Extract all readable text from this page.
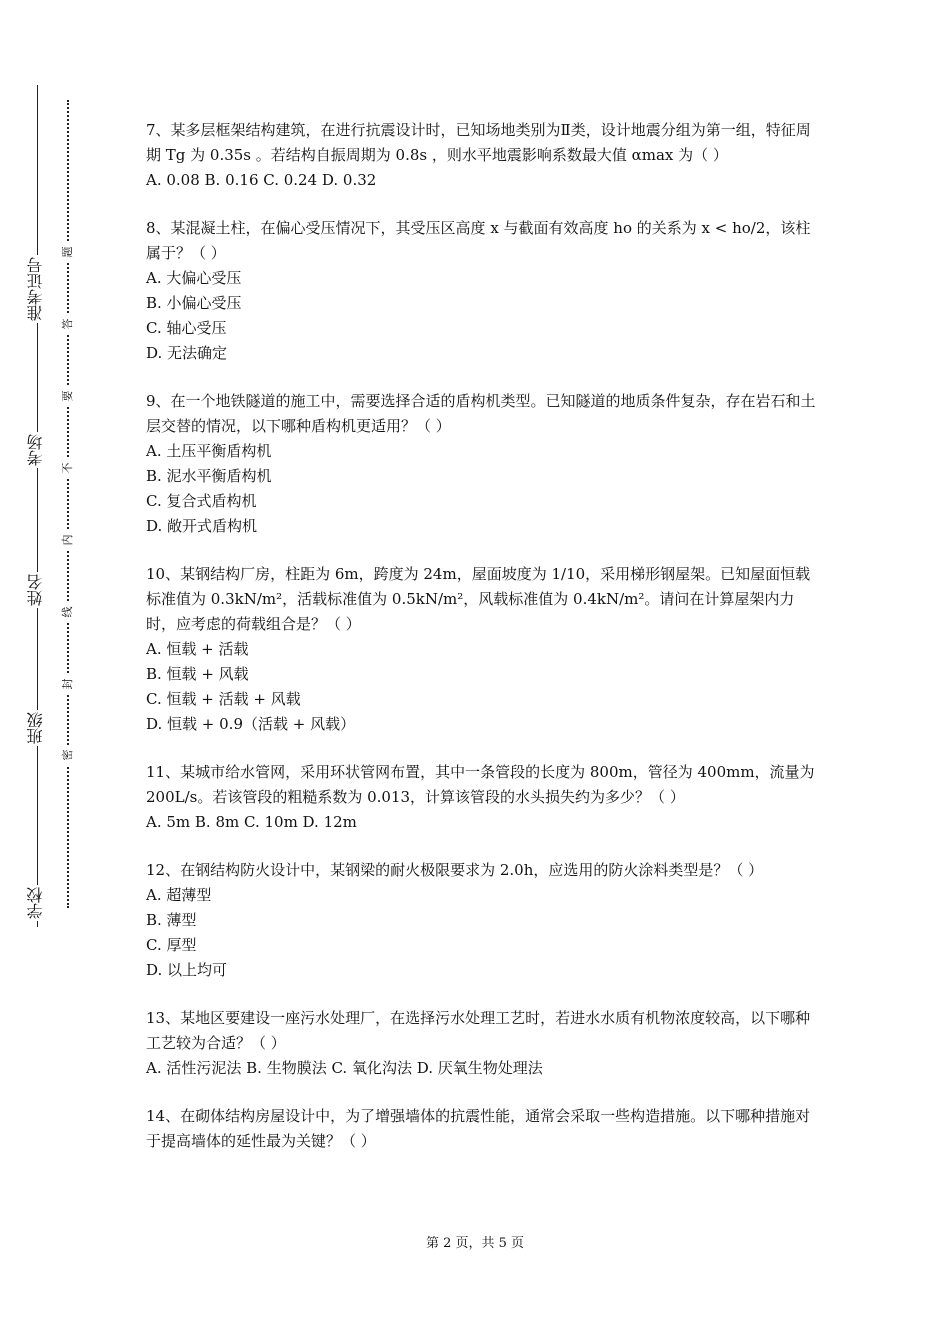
学校
班级
姓名
考场
准考证号
密
封
线
内
不
要
答
题

7、某多层框架结构建筑，在进行抗震设计时，已知场地类别为Ⅱ类，设计地震分组为第一组，特征周期 Tg 为 0.35s 。若结构自振周期为 0.8s ，则水平地震影响系数最大值 αmax 为（ ）

A. 0.08 B. 0.16 C. 0.24 D. 0.32

8、某混凝土柱，在偏心受压情况下，其受压区高度 x 与截面有效高度 ho 的关系为 x < ho/2，该柱属于？（ ）

A. 大偏心受压

B. 小偏心受压

C. 轴心受压

D. 无法确定

9、在一个地铁隧道的施工中，需要选择合适的盾构机类型。已知隧道的地质条件复杂，存在岩石和土层交替的情况，以下哪种盾构机更适用？（ ）

A. 土压平衡盾构机

B. 泥水平衡盾构机

C. 复合式盾构机

D. 敞开式盾构机

10、某钢结构厂房，柱距为 6m，跨度为 24m，屋面坡度为 1/10，采用梯形钢屋架。已知屋面恒载标准值为 0.3kN/m²，活载标准值为 0.5kN/m²，风载标准值为 0.4kN/m²。请问在计算屋架内力时，应考虑的荷载组合是？（ ）

A. 恒载 + 活载

B. 恒载 + 风载

C. 恒载 + 活载 + 风载

D. 恒载 + 0.9（活载 + 风载）

11、某城市给水管网，采用环状管网布置，其中一条管段的长度为 800m，管径为 400mm，流量为 200L/s。若该管段的粗糙系数为 0.013，计算该管段的水头损失约为多少？（ ）

A. 5m B. 8m C. 10m D. 12m

12、在钢结构防火设计中，某钢梁的耐火极限要求为 2.0h，应选用的防火涂料类型是？（ ）

A. 超薄型

B. 薄型

C. 厚型

D. 以上均可

13、某地区要建设一座污水处理厂，在选择污水处理工艺时，若进水水质有机物浓度较高，以下哪种工艺较为合适？（ ）

A. 活性污泥法 B. 生物膜法 C. 氧化沟法 D. 厌氧生物处理法

14、在砌体结构房屋设计中，为了增强墙体的抗震性能，通常会采取一些构造措施。以下哪种措施对于提高墙体的延性最为关键？（ ）

第 2 页，共 5 页
